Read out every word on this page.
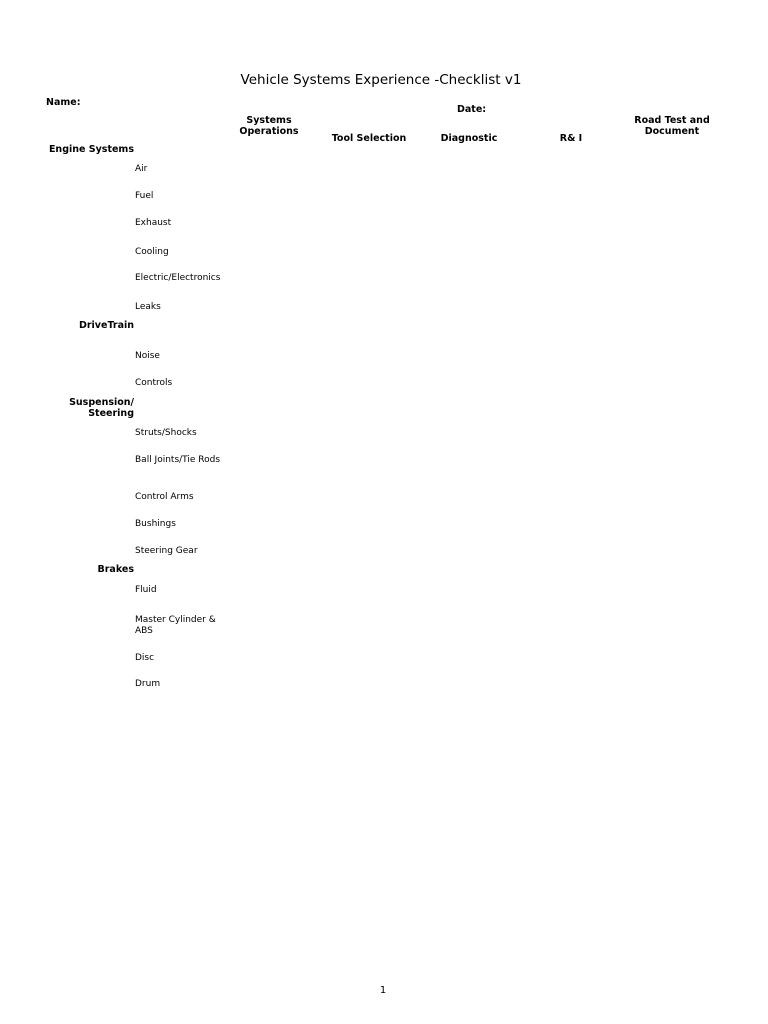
Vehicle Systems Experience -Checklist v1
Name:
Date:
Systems
Operations
Tool Selection	Diagnostic	R& I
Road Test and
Document
Engine Systems
Air
Fuel
Exhaust
Cooling
Electric/Electronics
Leaks
DriveTrain
Noise
Controls
Suspension/
Steering
Struts/Shocks
Ball Joints/Tie Rods
Control Arms
Bushings
Steering Gear
Brakes
Fluid
Master Cylinder &
ABS
Disc
Drum
1
